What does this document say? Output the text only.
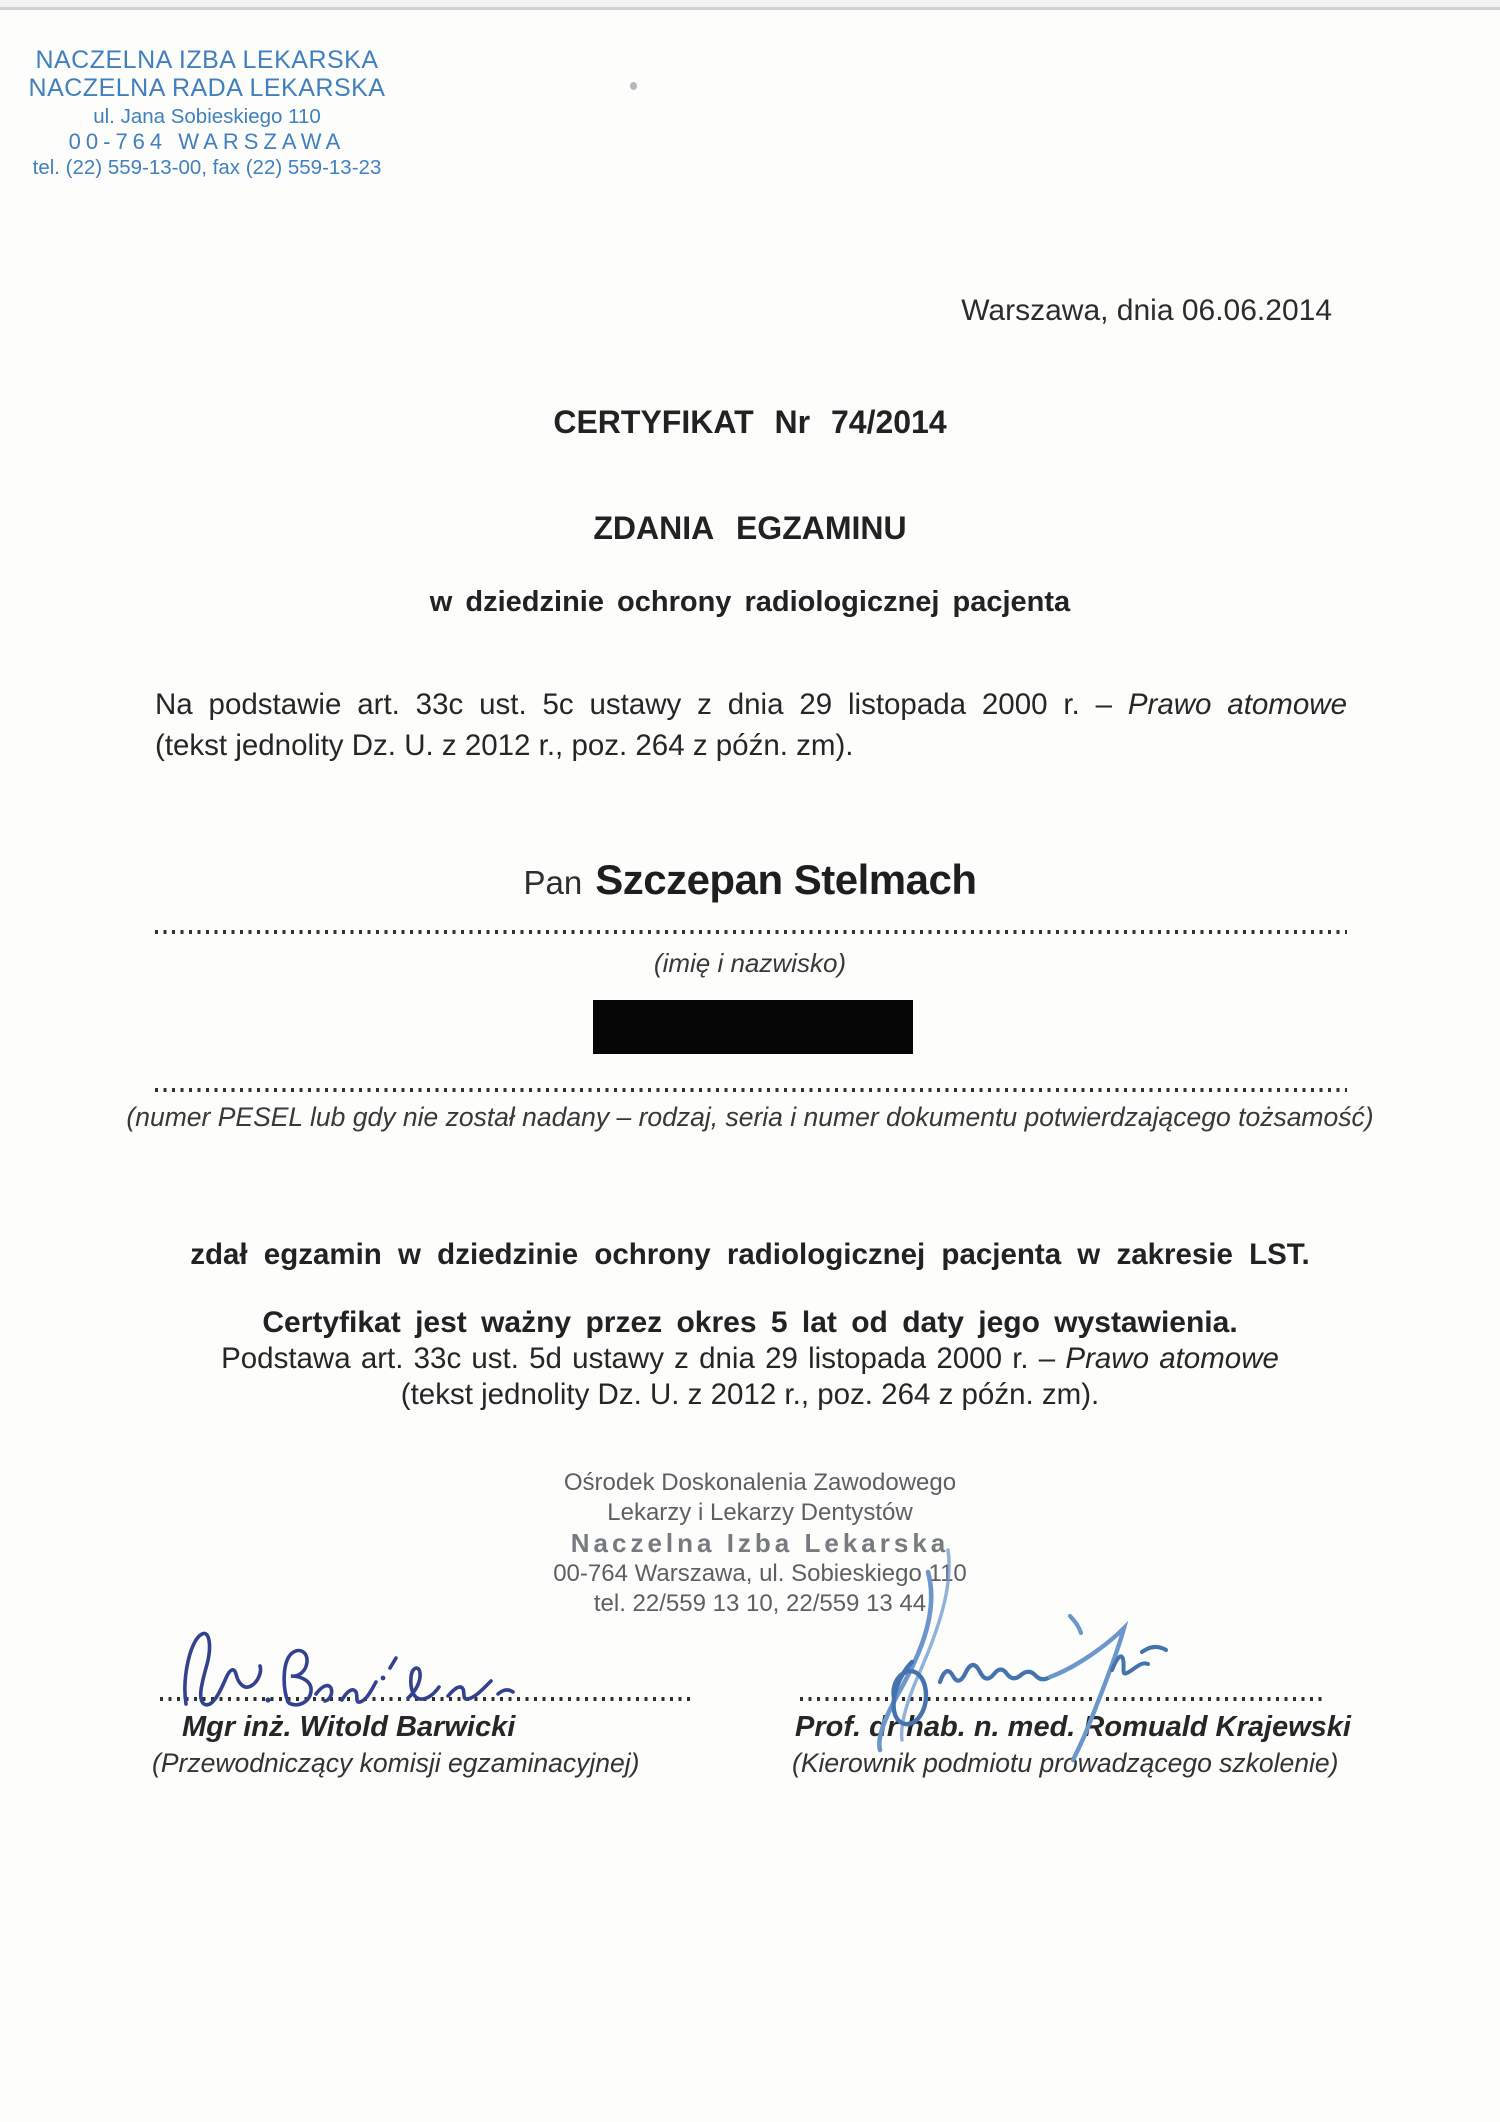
NACZELNA IZBA LEKARSKA
NACZELNA RADA LEKARSKA
ul. Jana Sobieskiego 110
00-764 WARSZAWA
tel. (22) 559-13-00, fax (22) 559-13-23
Warszawa, dnia 06.06.2014
CERTYFIKAT Nr 74/2014
ZDANIA EGZAMINU
w dziedzinie ochrony radiologicznej pacjenta
Na podstawie art. 33c ust. 5c ustawy z dnia 29 listopada 2000 r. – Prawo atomowe
(tekst jednolity Dz. U. z 2012 r., poz. 264 z późn. zm).
Pan Szczepan Stelmach
(imię i nazwisko)
(numer PESEL lub gdy nie został nadany – rodzaj, seria i numer dokumentu potwierdzającego tożsamość)
zdał egzamin w dziedzinie ochrony radiologicznej pacjenta w zakresie LST.
Certyfikat jest ważny przez okres 5 lat od daty jego wystawienia.
Podstawa art. 33c ust. 5d ustawy z dnia 29 listopada 2000 r. – Prawo atomowe
(tekst jednolity Dz. U. z 2012 r., poz. 264 z późn. zm).
Ośrodek Doskonalenia Zawodowego
Lekarzy i Lekarzy Dentystów
Naczelna Izba Lekarska
00-764 Warszawa, ul. Sobieskiego 110
tel. 22/559 13 10, 22/559 13 44
Mgr inż. Witold Barwicki
(Przewodniczący komisji egzaminacyjnej)
Prof. dr hab. n. med. Romuald Krajewski
(Kierownik podmiotu prowadzącego szkolenie)
